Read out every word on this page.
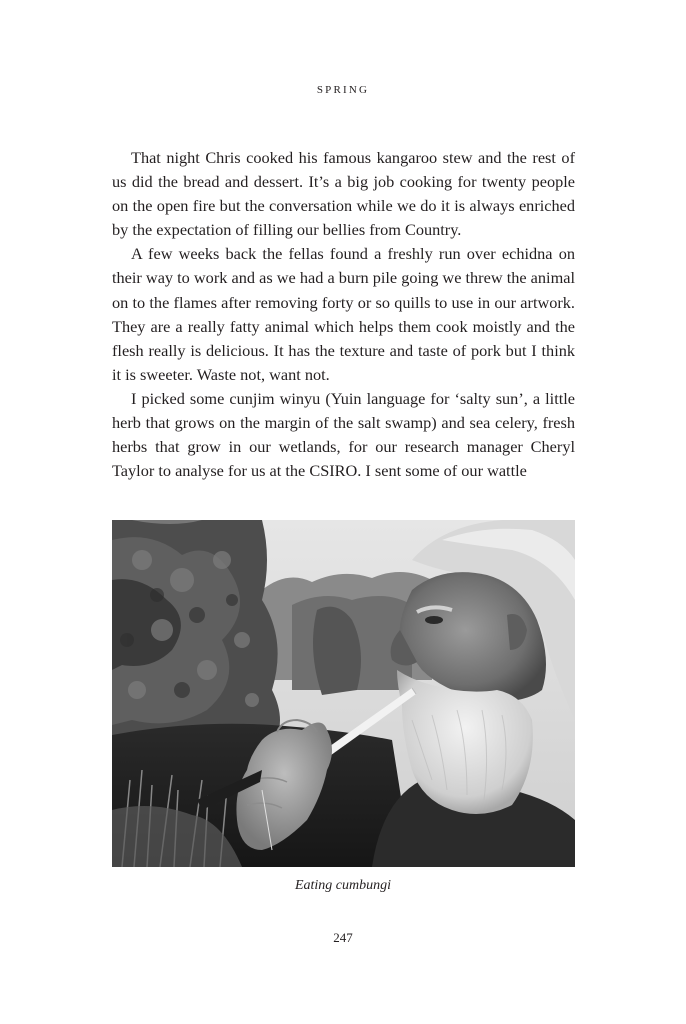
SPRING

That night Chris cooked his famous kangaroo stew and the rest of us did the bread and dessert. It’s a big job cooking for twenty people on the open fire but the conversation while we do it is always enriched by the expectation of filling our bellies from Country.

A few weeks back the fellas found a freshly run over echidna on their way to work and as we had a burn pile going we threw the animal on to the flames after removing forty or so quills to use in our artwork. They are a really fatty animal which helps them cook moistly and the flesh really is delicious. It has the texture and taste of pork but I think it is sweeter. Waste not, want not.

I picked some cunjim winyu (Yuin language for ‘salty sun’, a little herb that grows on the margin of the salt swamp) and sea celery, fresh herbs that grow in our wetlands, for our research manager Cheryl Taylor to analyse for us at the CSIRO. I sent some of our wattle

Eating cumbungi
247
